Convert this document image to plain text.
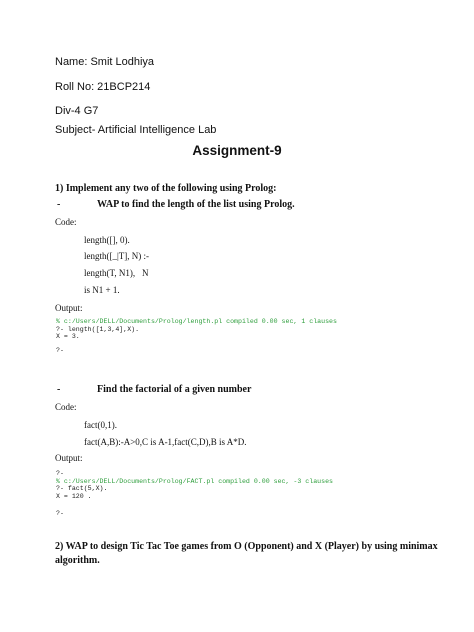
Name: Smit Lodhiya
Roll No: 21BCP214
Div-4 G7
Subject- Artificial Intelligence Lab
Assignment-9
1) Implement any two of the following using Prolog:
-	WAP to find the length of the list using Prolog.
Code:
length([], 0).
length([_|T], N) :-
length(T, N1), N
is N1 + 1.
Output:
% c:/Users/DELL/Documents/Prolog/length.pl compiled 0.00 sec, 1 clauses
?- length([1,3,4],X).
X = 3.
?-
-	Find the factorial of a given number
Code:
fact(0,1).
fact(A,B):-A>0,C is A-1,fact(C,D),B is A*D.
Output:
?-
% c:/Users/DELL/Documents/Prolog/FACT.pl compiled 0.00 sec, -3 clauses
?- fact(5,X).
X = 120 .
?-
2) WAP to design Tic Tac Toe games from O (Opponent) and X (Player) by using minimax
algorithm.
